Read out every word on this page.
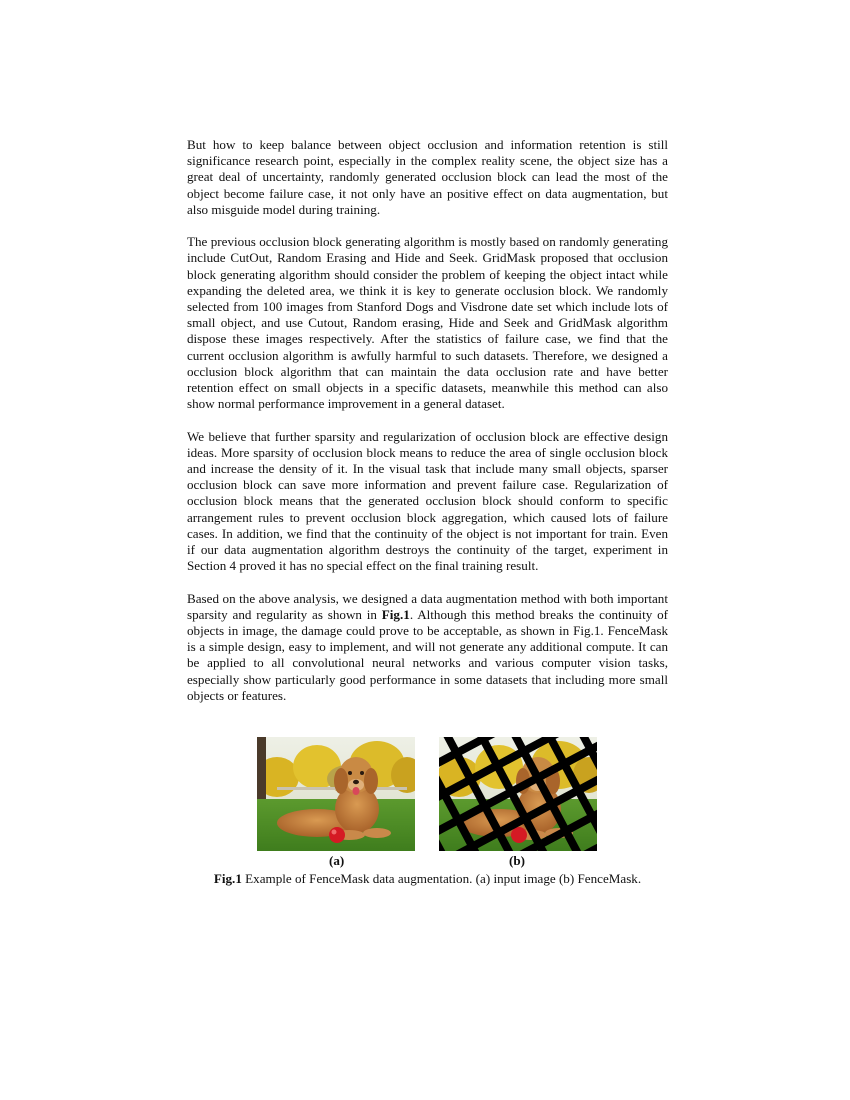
But how to keep balance between object occlusion and information retention is still significance research point, especially in the complex reality scene, the object size has a great deal of uncertainty, randomly generated occlusion block can lead the most of the object become failure case, it not only have an positive effect on data augmentation, but also misguide model during training.

The previous occlusion block generating algorithm is mostly based on randomly generating include CutOut, Random Erasing and Hide and Seek. GridMask proposed that occlusion block generating algorithm should consider the problem of keeping the object intact while expanding the deleted area, we think it is key to generate occlusion block. We randomly selected from 100 images from Stanford Dogs and Visdrone date set which include lots of small object, and use Cutout, Random erasing, Hide and Seek and GridMask algorithm dispose these images respectively. After the statistics of failure case, we find that the current occlusion algorithm is awfully harmful to such datasets. Therefore, we designed a occlusion block algorithm that can maintain the data occlusion rate and have better retention effect on small objects in a specific datasets, meanwhile this method can also show normal performance improvement in a general dataset.

We believe that further sparsity and regularization of occlusion block are effective design ideas. More sparsity of occlusion block means to reduce the area of single occlusion block and increase the density of it. In the visual task that include many small objects, sparser occlusion block can save more information and prevent failure case. Regularization of occlusion block means that the generated occlusion block should conform to specific arrangement rules to prevent occlusion block aggregation, which caused lots of failure cases. In addition, we find that the continuity of the object is not important for train. Even if our data augmentation algorithm destroys the continuity of the target, experiment in Section 4 proved it has no special effect on the final training result.

Based on the above analysis, we designed a data augmentation method with both important sparsity and regularity as shown in Fig.1. Although this method breaks the continuity of objects in image, the damage could prove to be acceptable, as shown in Fig.1. FenceMask is a simple design, easy to implement, and will not generate any additional compute. It can be applied to all convolutional neural networks and various computer vision tasks, especially show particularly good performance in some datasets that including more small objects or features.

(a)	(b)
Fig.1 Example of FenceMask data augmentation. (a) input image (b) FenceMask.
